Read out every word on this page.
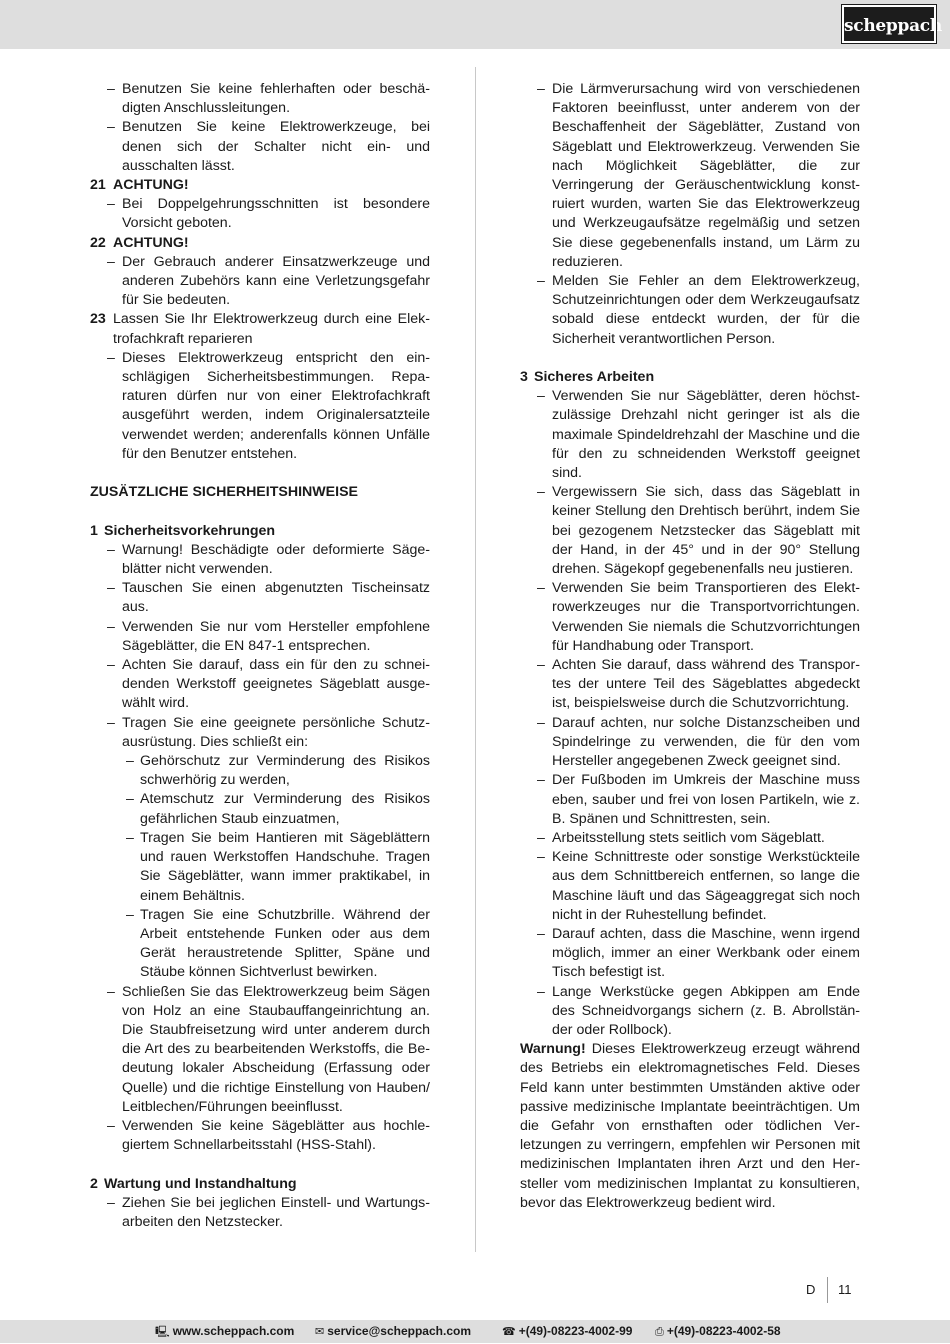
scheppach
– Benutzen Sie keine fehlerhaften oder beschädigten Anschlussleitungen.
– Benutzen Sie keine Elektrowerkzeuge, bei denen sich der Schalter nicht ein- und ausschalten lässt.
21 ACHTUNG!
– Bei Doppelgehrungsschnitten ist besondere Vorsicht geboten.
22 ACHTUNG!
– Der Gebrauch anderer Einsatzwerkzeuge und anderen Zubehörs kann eine Verletzungsgefahr für Sie bedeuten.
23 Lassen Sie Ihr Elektrowerkzeug durch eine Elektrofachkraft reparieren
– Dieses Elektrowerkzeug entspricht den einschlägigen Sicherheitsbestimmungen. Reparaturen dürfen nur von einer Elektrofachkraft ausgeführt werden, indem Originalersatzteile verwendet werden; anderenfalls können Unfälle für den Benutzer entstehen.
ZUSÄTZLICHE SICHERHEITSHINWEISE
1 Sicherheitsvorkehrungen
– Warnung! Beschädigte oder deformierte Sägeblätter nicht verwenden.
– Tauschen Sie einen abgenutzten Tischeinsatz aus.
– Verwenden Sie nur vom Hersteller empfohlene Sägeblätter, die EN 847-1 entsprechen.
– Achten Sie darauf, dass ein für den zu schneidenden Werkstoff geeignetes Sägeblatt ausgewählt wird.
– Tragen Sie eine geeignete persönliche Schutzausrüstung. Dies schließt ein:
– Gehörschutz zur Verminderung des Risikos schwerhörig zu werden,
– Atemschutz zur Verminderung des Risikos gefährlichen Staub einzuatmen,
– Tragen Sie beim Hantieren mit Sägeblättern und rauen Werkstoffen Handschuhe. Tragen Sie Sägeblätter, wann immer praktikabel, in einem Behältnis.
– Tragen Sie eine Schutzbrille. Während der Arbeit entstehende Funken oder aus dem Gerät heraustretende Splitter, Späne und Stäube können Sichtverlust bewirken.
– Schließen Sie das Elektrowerkzeug beim Sägen von Holz an eine Staubauffangeinrichtung an. Die Staubfreisetzung wird unter anderem durch die Art des zu bearbeitenden Werkstoffs, die Bedeutung lokaler Abscheidung (Erfassung oder Quelle) und die richtige Einstellung von Hauben/ Leitblechen/Führungen beeinflusst.
– Verwenden Sie keine Sägeblätter aus hochlegiertem Schnellarbeitsstahl (HSS-Stahl).
2 Wartung und Instandhaltung
– Ziehen Sie bei jeglichen Einstell- und Wartungsarbeiten den Netzstecker.
– Die Lärmverursachung wird von verschiedenen Faktoren beeinflusst, unter anderem von der Beschaffenheit der Sägeblätter, Zustand von Sägeblatt und Elektrowerkzeug. Verwenden Sie nach Möglichkeit Sägeblätter, die zur Verringerung der Geräuschentwicklung konstruiert wurden, warten Sie das Elektrowerkzeug und Werkzeugaufsätze regelmäßig und setzen Sie diese gegebenenfalls instand, um Lärm zu reduzieren.
– Melden Sie Fehler an dem Elektrowerkzeug, Schutzeinrichtungen oder dem Werkzeugaufsatz sobald diese entdeckt wurden, der für die Sicherheit verantwortlichen Person.
3 Sicheres Arbeiten
– Verwenden Sie nur Sägeblätter, deren höchstzulässige Drehzahl nicht geringer ist als die maximale Spindeldrehzahl der Maschine und die für den zu schneidenden Werkstoff geeignet sind.
– Vergewissern Sie sich, dass das Sägeblatt in keiner Stellung den Drehtisch berührt, indem Sie bei gezogenem Netzstecker das Sägeblatt mit der Hand, in der 45° und in der 90° Stellung drehen. Sägekopf gegebenenfalls neu justieren.
– Verwenden Sie beim Transportieren des Elektrowerkzeuges nur die Transportvorrichtungen. Verwenden Sie niemals die Schutzvorrichtungen für Handhabung oder Transport.
– Achten Sie darauf, dass während des Transportes der untere Teil des Sägeblattes abgedeckt ist, beispielsweise durch die Schutzvorrichtung.
– Darauf achten, nur solche Distanzscheiben und Spindelringe zu verwenden, die für den vom Hersteller angegebenen Zweck geeignet sind.
– Der Fußboden im Umkreis der Maschine muss eben, sauber und frei von losen Partikeln, wie z. B. Spänen und Schnittresten, sein.
– Arbeitsstellung stets seitlich vom Sägeblatt.
– Keine Schnittreste oder sonstige Werkstückteile aus dem Schnittbereich entfernen, so lange die Maschine läuft und das Sägeaggregat sich noch nicht in der Ruhestellung befindet.
– Darauf achten, dass die Maschine, wenn irgend möglich, immer an einer Werkbank oder einem Tisch befestigt ist.
– Lange Werkstücke gegen Abkippen am Ende des Schneidvorgangs sichern (z. B. Abrollständer oder Rollbock).
Warnung! Dieses Elektrowerkzeug erzeugt während des Betriebs ein elektromagnetisches Feld. Dieses Feld kann unter bestimmten Umständen aktive oder passive medizinische Implantate beeinträchtigen. Um die Gefahr von ernsthaften oder tödlichen Verletzungen zu verringern, empfehlen wir Personen mit medizinischen Implantaten ihren Arzt und den Hersteller vom medizinischen Implantat zu konsultieren, bevor das Elektrowerkzeug bedient wird.
D 11
🖳 www.scheppach.com ✉ service@scheppach.com	☎ +(49)-08223-4002-99 ⎙ +(49)-08223-4002-58
